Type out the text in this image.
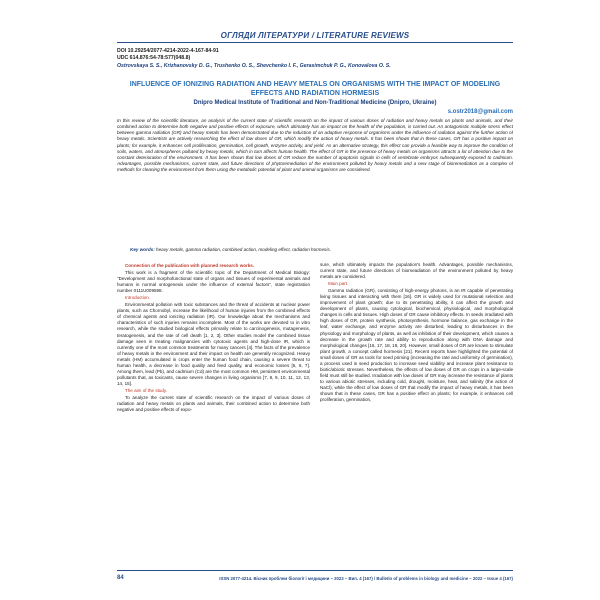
ОГЛЯДИ ЛІТЕРАТУРИ / LITERATURE REVIEWS
DOI 10.29254/2077-4214-2022-4-167-84-91
UDC 614.876:54-78:577(048.8)
Ostrovskaya S. S., Krizhanovsky D. G., Trushenko O. S., Shevchenko I. F., Gerasimchuk P. G., Konovalova O. S.
INFLUENCE OF IONIZING RADIATION AND HEAVY METALS ON ORGANISMS WITH THE IMPACT OF MODELING EFFECTS AND RADIATION HORMESIS
Dnipro Medical Institute of Traditional and Non-Traditional Medicine (Dnipro, Ukraine)
s.ostr2018@gmail.com
In this review of the scientific literature, an analysis of the current state of scientific research on the impact of various doses of radiation and heavy metals on plants and animals, and their combined action to determine both negative and positive effects of exposure, which ultimately has an impact on the health of the population, is carried out. An antagonistic multiple stress effect between gamma radiation (GR) and heavy metals has been demonstrated due to the induction of an adaptive response of organisms under the influence of radiation against the further action of heavy metals. Scientists are actively researching the effect of low doses of GR, which modify the action of heavy metals. It has been shown that in these cases, GR has a positive impact on plants; for example, it enhances cell proliferation, germination, cell growth, enzyme activity, and yield. As an alternative strategy, this effect can provide a feasible way to improve the condition of soils, waters, and atmospheres polluted by heavy metals, which in turn affects human health. The effect of GR in the presence of heavy metals on organisms attracts a lot of attention due to the constant deterioration of the environment. It has been shown that low doses of GR reduce the number of apoptosis signals in cells of vertebrate embryos subsequently exposed to cadmium. Advantages, possible mechanisms, current state, and future directions of phytoremediation of the environment polluted by heavy metals and a new stage of bioremediation as a complex of methods for cleaning the environment from them using the metabolic potential of plant and animal organisms are considered.
Key words: heavy metals, gamma radiation, combined action, modeling effect, radiation hormesis.

Connection of the publication with planned research works.

This work is a fragment of the scientific topic of the Department of Medical Biology: "Development and morphofunctional state of organs and tissues of experimental animals and humans in normal ontogenesis under the influence of external factors", state registration number 0111U009598.

Introduction.

Environmental pollution with toxic substances and the threat of accidents at nuclear power plants, such as Chornobyl, increase the likelihood of human injuries from the combined effects of chemical agents and ionizing radiation (IR). Our knowledge about the mechanisms and characteristics of such injuries remains incomplete. Most of the works are devoted to in vitro research, while the studied biological effects primarily relate to carcinogenesis, mutagenesis, teratogenesis, and the rate of cell death [1, 2, 3]. Other studies model the combined tissue damage seen in treating malignancies with cytotoxic agents and high-dose IR, which is currently one of the most common treatments for many cancers [4]. The facts of the prevalence of heavy metals in the environment and their impact on health are generally recognized. Heavy metals (HM) accumulated in crops enter the human food chain, causing a severe threat to human health, a decrease in food quality and feed quality, and economic losses [5, 6, 7]. Among them, lead (Pb), and cadmium (Cd) are the most common HM, persistent environmental pollutants that, as toxicants, cause severe changes in living organisms [7, 8, 9, 10, 11, 12, 13, 14, 15].

The aim of the study.

To analyze the current state of scientific research on the impact of various doses of radiation and heavy metals on plants and animals, their combined action to determine both negative and positive effects of expo-

sure, which ultimately impacts the population's health. Advantages, possible mechanisms, current state, and future directions of biomeadiation of the environment polluted by heavy metals are considered.

Main part.

Gamma radiation (GR), consisting of high-energy photons, is an IR capable of penetrating living tissues and interacting with them [16]. GR is widely used for mutational selection and improvement of plant growth; due to its penetrating ability, it can affect the growth and development of plants, causing cytological, biochemical, physiological, and morphological changes in cells and tissues. High doses of GR cause inhibitory effects. In seeds irradiated with high doses of GR, protein synthesis, photosynthesis, hormone balance, gas exchange in the leaf, water exchange, and enzyme activity are disturbed, leading to disturbances in the physiology and morphology of plants, as well as inhibition of their development, which causes a decrease in the growth rate and ability to reproduction along with DNA damage and morphological changes [16, 17, 18, 19, 20]. However, small doses of GR are known to stimulate plant growth, a concept called hormesis [21]. Recent reports have highlighted the potential of small doses of GR as tools for seed priming (increasing the rate and uniformity of germination), a process used in seed production to increase seed viability and increase plant resistance to biotic/abiotic stresses. Nevertheless, the effects of low doses of GR on crops in a large-scale field must still be studied. Irradiation with low doses of GR may increase the resistance of plants to various abiotic stresses, including cold, drought, moisture, heat, and salinity (the action of NaCl), while the effect of low doses of GR that modify the impact of heavy metals, it has been shown that in these cases, GR has a positive effect on plants; for example, it enhances cell proliferation, germination,

84	ISSN 2077-4214. Вісник проблем біології і медицини – 2022 – Вип. 4 (167) / Bulletin of problems in biology and medicine – 2022 – Issue 4 (167)
